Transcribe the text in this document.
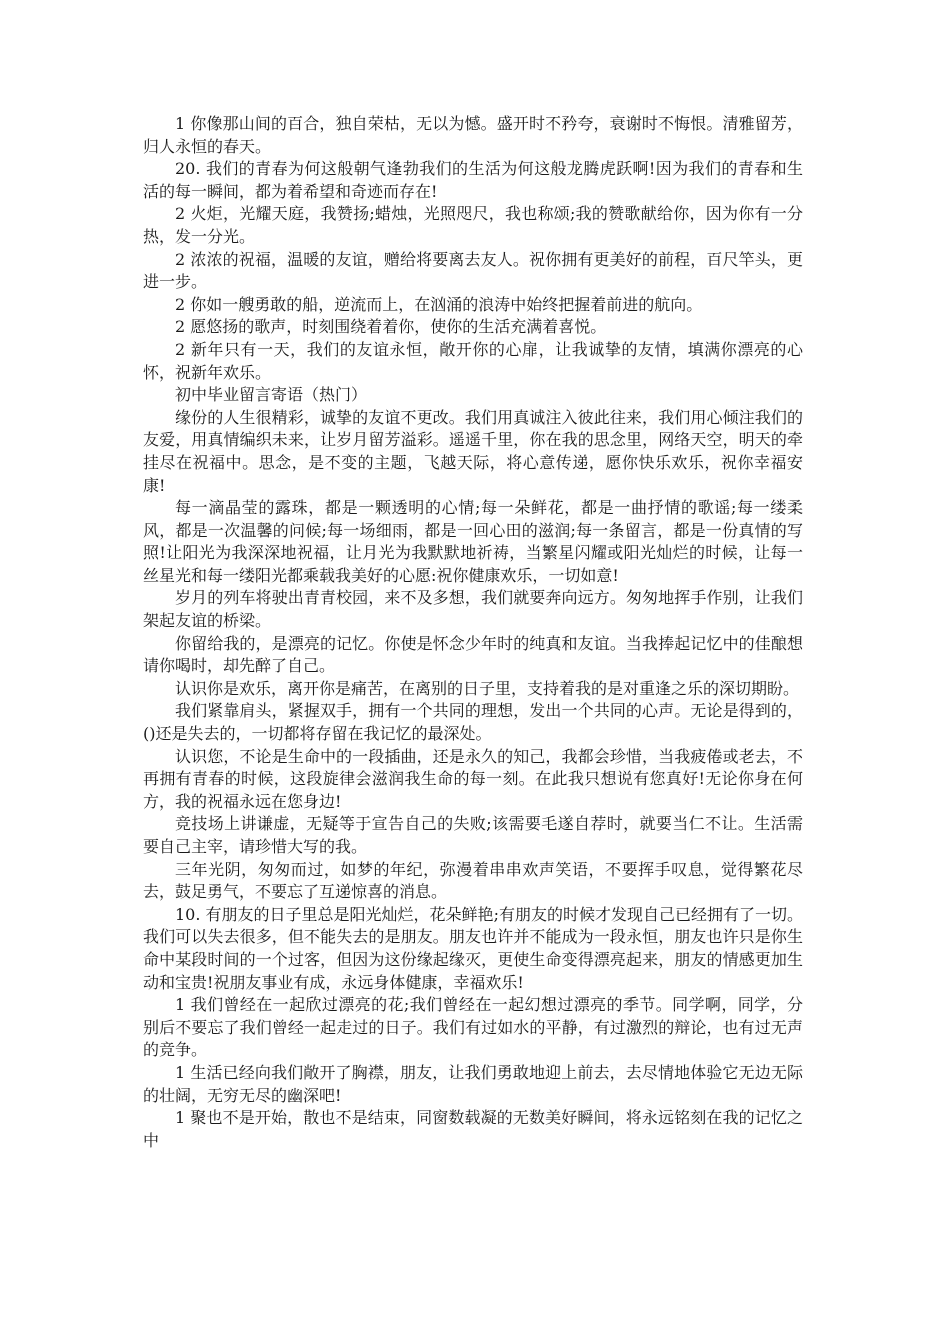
1 你像那山间的百合，独自荣枯，无以为憾。盛开时不矜夸，衰谢时不悔恨。清雅留芳，归人永恒的春天。

20. 我们的青春为何这般朝气逢勃我们的生活为何这般龙腾虎跃啊!因为我们的青春和生活的每一瞬间，都为着希望和奇迹而存在!

2 火炬，光耀天庭，我赞扬;蜡烛，光照咫尺，我也称颂;我的赞歌献给你，因为你有一分热，发一分光。

2 浓浓的祝福，温暖的友谊，赠给将要离去友人。祝你拥有更美好的前程，百尺竿头，更进一步。

2 你如一艘勇敢的船，逆流而上，在汹涌的浪涛中始终把握着前进的航向。

2 愿悠扬的歌声，时刻围绕着着你，使你的生活充满着喜悦。

2 新年只有一天，我们的友谊永恒，敞开你的心扉，让我诚挚的友情，填满你漂亮的心怀，祝新年欢乐。

初中毕业留言寄语（热门）

缘份的人生很精彩，诚挚的友谊不更改。我们用真诚注入彼此往来，我们用心倾注我们的友爱，用真情编织未来，让岁月留芳溢彩。遥遥千里，你在我的思念里，网络天空，明天的牵挂尽在祝福中。思念，是不变的主题，飞越天际，将心意传递，愿你快乐欢乐，祝你幸福安康!

每一滴晶莹的露珠，都是一颗透明的心情;每一朵鲜花，都是一曲抒情的歌谣;每一缕柔风，都是一次温馨的问候;每一场细雨，都是一回心田的滋润;每一条留言，都是一份真情的写照!让阳光为我深深地祝福，让月光为我默默地祈祷，当繁星闪耀或阳光灿烂的时候，让每一丝星光和每一缕阳光都乘载我美好的心愿:祝你健康欢乐，一切如意!

岁月的列车将驶出青青校园，来不及多想，我们就要奔向远方。匆匆地挥手作别，让我们架起友谊的桥梁。

你留给我的，是漂亮的记忆。你使是怀念少年时的纯真和友谊。当我捧起记忆中的佳酿想请你喝时，却先醉了自己。

认识你是欢乐，离开你是痛苦，在离别的日子里，支持着我的是对重逢之乐的深切期盼。

我们紧靠肩头，紧握双手，拥有一个共同的理想，发出一个共同的心声。无论是得到的，()还是失去的，一切都将存留在我记忆的最深处。

认识您，不论是生命中的一段插曲，还是永久的知己，我都会珍惜，当我疲倦或老去，不再拥有青春的时候，这段旋律会滋润我生命的每一刻。在此我只想说有您真好!无论你身在何方，我的祝福永远在您身边!

竞技场上讲谦虚，无疑等于宣告自己的失败;该需要毛遂自荐时，就要当仁不让。生活需要自己主宰，请珍惜大写的我。

三年光阴，匆匆而过，如梦的年纪，弥漫着串串欢声笑语，不要挥手叹息，觉得繁花尽去，鼓足勇气，不要忘了互递惊喜的消息。

10. 有朋友的日子里总是阳光灿烂，花朵鲜艳;有朋友的时候才发现自己已经拥有了一切。我们可以失去很多，但不能失去的是朋友。朋友也许并不能成为一段永恒，朋友也许只是你生命中某段时间的一个过客，但因为这份缘起缘灭，更使生命变得漂亮起来，朋友的情感更加生动和宝贵!祝朋友事业有成，永远身体健康，幸福欢乐!

1 我们曾经在一起欣过漂亮的花;我们曾经在一起幻想过漂亮的季节。同学啊，同学，分别后不要忘了我们曾经一起走过的日子。我们有过如水的平静，有过激烈的辩论，也有过无声的竞争。

1 生活已经向我们敞开了胸襟，朋友，让我们勇敢地迎上前去，去尽情地体验它无边无际的壮阔，无穷无尽的幽深吧!

1 聚也不是开始，散也不是结束，同窗数载凝的无数美好瞬间，将永远铭刻在我的记忆之中
